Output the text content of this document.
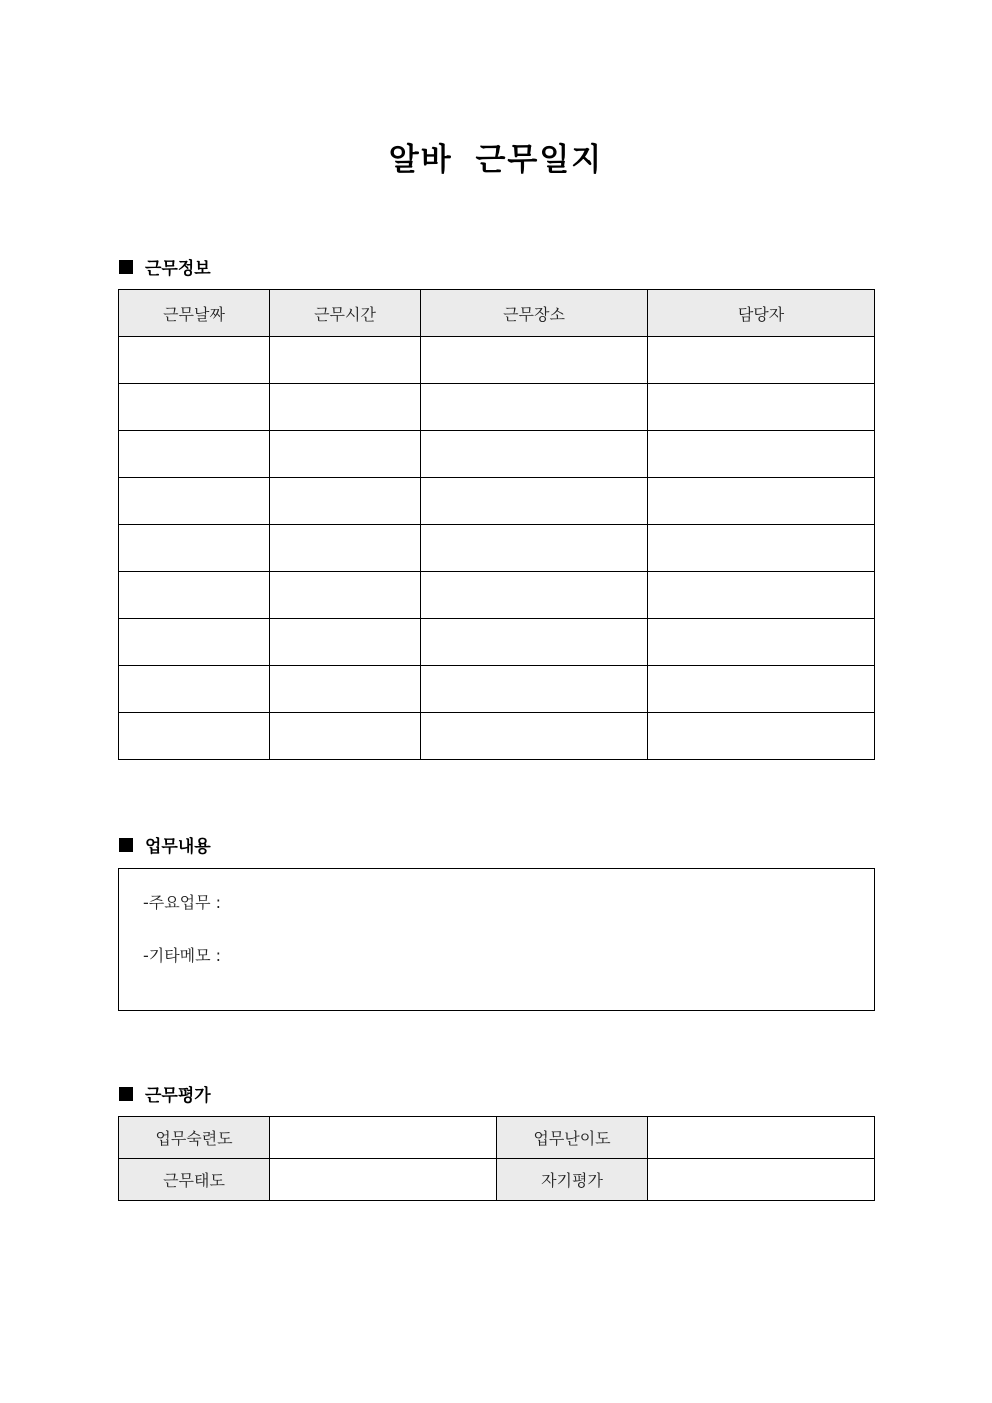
알바 근무일지
근무정보
근무날짜	근무시간	근무장소	담당자

업무내용
-주요업무 :
-기타메모 :
근무평가
업무숙련도		업무난이도	
근무태도		자기평가	
